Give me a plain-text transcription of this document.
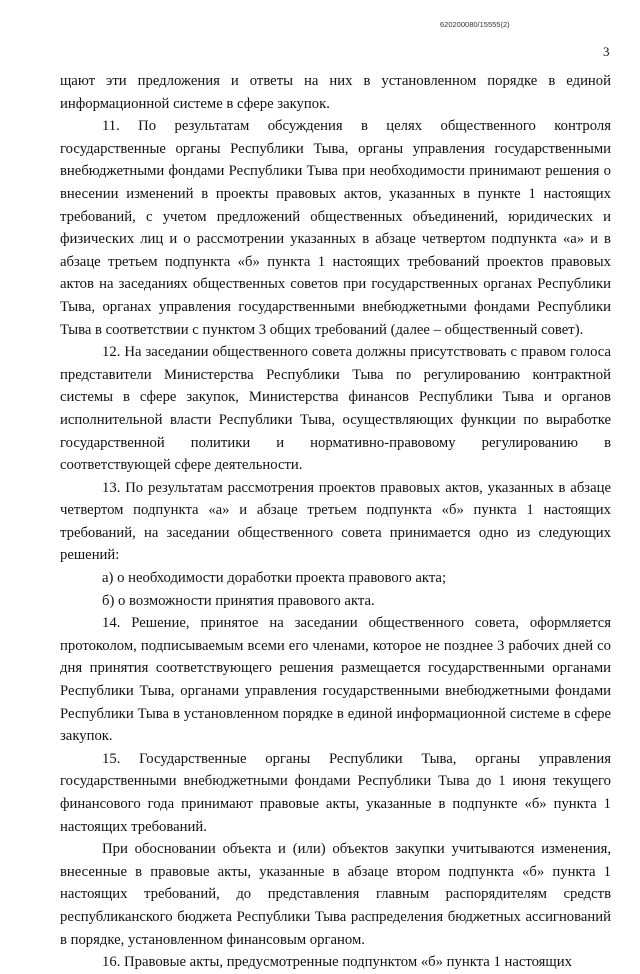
620200080/15555(2)
3

щают эти предложения и ответы на них в установленном порядке в единой информационной системе в сфере закупок.

11. По результатам обсуждения в целях общественного контроля государственные органы Республики Тыва, органы управления государственными внебюджетными фондами Республики Тыва при необходимости принимают решения о внесении изменений в проекты правовых актов, указанных в пункте 1 настоящих требований, с учетом предложений общественных объединений, юридических и физических лиц и о рассмотрении указанных в абзаце четвертом подпункта «а» и в абзаце третьем подпункта «б» пункта 1 настоящих требований проектов правовых актов на заседаниях общественных советов при государственных органах Республики Тыва, органах управления государственными внебюджетными фондами Республики Тыва в соответствии с пунктом 3 общих требований (далее – общественный совет).

12. На заседании общественного совета должны присутствовать с правом голоса представители Министерства Республики Тыва по регулированию контрактной системы в сфере закупок, Министерства финансов Республики Тыва и органов исполнительной власти Республики Тыва, осуществляющих функции по выработке государственной политики и нормативно-правовому регулированию в соответствующей сфере деятельности.

13. По результатам рассмотрения проектов правовых актов, указанных в абзаце четвертом подпункта «а» и абзаце третьем подпункта «б» пункта 1 настоящих требований, на заседании общественного совета принимается одно из следующих решений:

а) о необходимости доработки проекта правового акта;

б) о возможности принятия правового акта.

14. Решение, принятое на заседании общественного совета, оформляется протоколом, подписываемым всеми его членами, которое не позднее 3 рабочих дней со дня принятия соответствующего решения размещается государственными органами Республики Тыва, органами управления государственными внебюджетными фондами Республики Тыва в установленном порядке в единой информационной системе в сфере закупок.

15. Государственные органы Республики Тыва, органы управления государственными внебюджетными фондами Республики Тыва до 1 июня текущего финансового года принимают правовые акты, указанные в подпункте «б» пункта 1 настоящих требований.

При обосновании объекта и (или) объектов закупки учитываются изменения, внесенные в правовые акты, указанные в абзаце втором подпункта «б» пункта 1 настоящих требований, до представления главным распорядителям средств республиканского бюджета Республики Тыва распределения бюджетных ассигнований в порядке, установленном финансовым органом.

16. Правовые акты, предусмотренные подпунктом «б» пункта 1 настоящих
